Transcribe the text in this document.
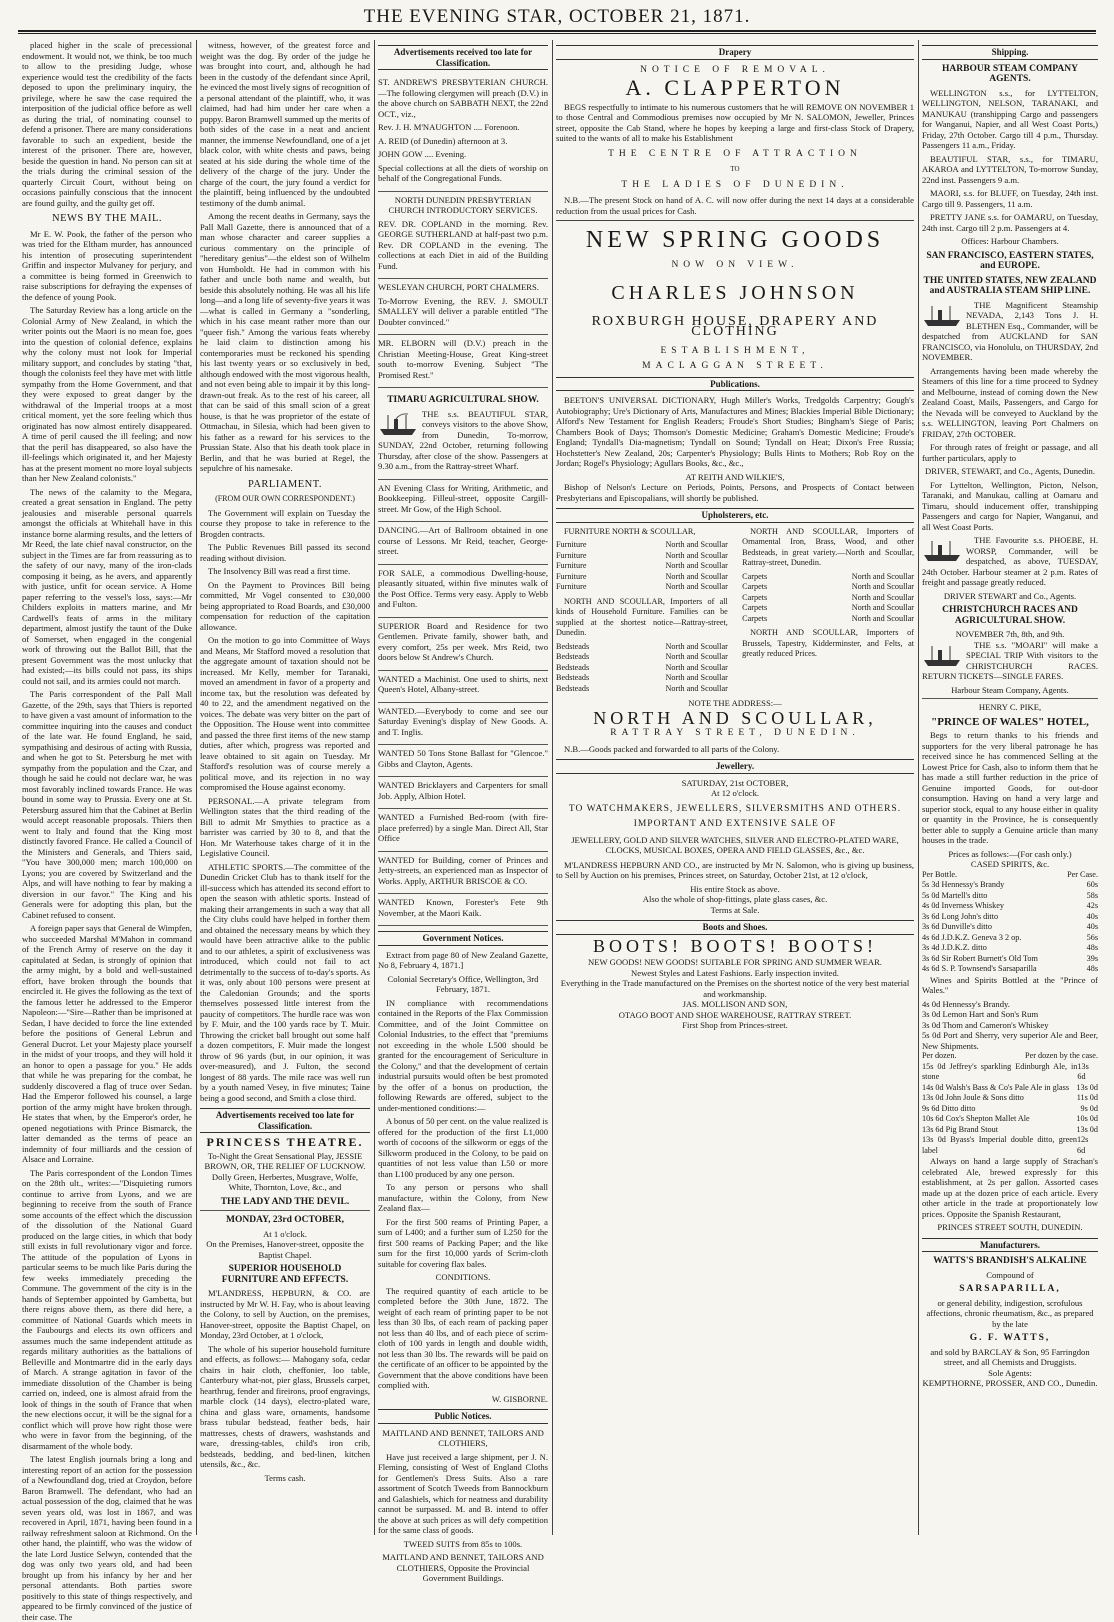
THE EVENING STAR, OCTOBER 21, 1871.

placed higher in the scale of precessional endowment. It would not, we think, be too much to allow to the presiding Judge, whose experience would test the credibility of the facts deposed to upon the preliminary inquiry, the privilege, where he saw the case required the interposition of the judicial office before as well as during the trial, of nominating counsel to defend a prisoner. There are many considerations favorable to such an expedient, beside the interest of the prisoner. There are, however, beside the question in hand. No person can sit at the trials during the criminal session of the quarterly Circuit Court, without being on occasions painfully conscious that the innocent are found guilty, and the guilty get off.

NEWS BY THE MAIL.

Mr E. W. Pook, the father of the person who was tried for the Eltham murder, has announced his intention of prosecuting superintendent Griffin and inspector Mulvaney for perjury, and a committee is being formed in Greenwich to raise subscriptions for defraying the expenses of the defence of young Pook.

The Saturday Review has a long article on the Colonial Army of New Zealand, in which the writer points out the Maori is no mean foe, goes into the question of colonial defence, explains why the colony must not look for Imperial military support, and concludes by stating "that, though the colonists feel they have met with little sympathy from the Home Government, and that they were exposed to great danger by the withdrawal of the Imperial troops at a most critical moment, yet the sore feeling which thus originated has now almost entirely disappeared. A time of peril caused the ill feeling; and now that the peril has disappeared, so also have the ill-feelings which originated it, and her Majesty has at the present moment no more loyal subjects than her New Zealand colonists."

The news of the calamity to the Megara, created a great sensation in England. The petty jealousies and miserable personal quarrels amongst the officials at Whitehall have in this instance borne alarming results, and the letters of Mr Reed, the late chief naval constructor, on the subject in the Times are far from reassuring as to the safety of our navy, many of the iron-clads composing it being, as he avers, and apparently with justice, unfit for ocean service. A Home paper referring to the vessel's loss, says:—Mr Childers exploits in matters marine, and Mr Cardwell's feats of arms in the military department, almost justify the taunt of the Duke of Somerset, when engaged in the congenial work of throwing out the Ballot Bill, that the present Government was the most unlucky that had existed;—its bills could not pass, its ships could not sail, and its armies could not march.

The Paris correspondent of the Pall Mall Gazette, of the 29th, says that Thiers is reported to have given a vast amount of information to the committee inquiring into the causes and conduct of the late war. He found England, he said, sympathising and desirous of acting with Russia, and when he got to St. Petersburg he met with sympathy from the population and the Czar, and though he said he could not declare war, he was most favorably inclined towards France. He was bound in some way to Prussia. Every one at St. Petersburg assured him that the Cabinet at Berlin would accept reasonable proposals. Thiers then went to Italy and found that the King most distinctly favored France. He called a Council of the Ministers and Generals, and Thiers said, "You have 300,000 men; march 100,000 on Lyons; you are covered by Switzerland and the Alps, and will have nothing to fear by making a diversion in our favor." The King and his Generals were for adopting this plan, but the Cabinet refused to consent.

A foreign paper says that General de Wimpfen, who succeeded Marshal M'Mahon in command of the French Army of reserve on the day it capitulated at Sedan, is strongly of opinion that the army might, by a bold and well-sustained effort, have broken through the bounds that encircled it. He gives the following as the text of the famous letter he addressed to the Emperor Napoleon:—"Sire—Rather than be imprisoned at Sedan, I have decided to force the line extended before the positions of General Lebrun and General Ducrot. Let your Majesty place yourself in the midst of your troops, and they will hold it an honor to open a passage for you." He adds that while he was preparing for the combat, he suddenly discovered a flag of truce over Sedan. Had the Emperor followed his counsel, a large portion of the army might have broken through. He states that when, by the Emperor's order, he opened negotiations with Prince Bismarck, the latter demanded as the terms of peace an indemnity of four milliards and the cession of Alsace and Lorraine.

The Paris correspondent of the London Times on the 28th ult., writes:—"Disquieting rumors continue to arrive from Lyons, and we are beginning to receive from the south of France some accounts of the effect which the discussion of the dissolution of the National Guard produced on the large cities, in which that body still exists in full revolutionary vigor and force. The attitude of the population of Lyons in particular seems to be much like Paris during the few weeks immediately preceding the Commune. The government of the city is in the hands of September appointed by Gambetta, but there reigns above them, as there did here, a committee of National Guards which meets in the Faubourgs and elects its own officers and assumes much the same independent attitude as regards military authorities as the battalions of Belleville and Montmartre did in the early days of March. A strange agitation in favor of the immediate dissolution of the Chamber is being carried on, indeed, one is almost afraid from the look of things in the south of France that when the new elections occur, it will be the signal for a conflict which will prove how right those were who were in favor from the beginning, of the disarmament of the whole body.

The latest English journals bring a long and interesting report of an action for the possession of a Newfoundland dog, tried at Croydon, before Baron Bramwell. The defendant, who had an actual possession of the dog, claimed that he was seven years old, was lost in 1867, and was recovered in April, 1871, having been found in a railway refreshment saloon at Richmond. On the other hand, the plaintiff, who was the widow of the late Lord Justice Selwyn, contended that the dog was only two years old, and had been brought up from his infancy by her and her personal attendants. Both parties swore positively to this state of things respectively, and appeared to be firmly convinced of the justice of their case. The

witness, however, of the greatest force and weight was the dog. By order of the judge he was brought into court, and, although he had been in the custody of the defendant since April, he evinced the most lively signs of recognition of a personal attendant of the plaintiff, who, it was claimed, had had him under her care when a puppy. Baron Bramwell summed up the merits of both sides of the case in a neat and ancient manner, the immense Newfoundland, one of a jet black color, with white chests and paws, being seated at his side during the whole time of the delivery of the charge of the jury. Under the charge of the court, the jury found a verdict for the plaintiff, being influenced by the undoubted testimony of the dumb animal.

Among the recent deaths in Germany, says the Pall Mall Gazette, there is announced that of a man whose character and career supplies a curious commentary on the principle of "hereditary genius"—the eldest son of Wilhelm von Humboldt. He had in common with his father and uncle both name and wealth, but beside this absolutely nothing. He was all his life long—and a long life of seventy-five years it was—what is called in Germany a "sonderling, which in his case meant rather more than our "queer fish." Among the various feats whereby he laid claim to distinction among his contemporaries must be reckoned his spending his last twenty years or so exclusively in bed, although endowed with the most vigorous health, and not even being able to impair it by this long-drawn-out freak. As to the rest of his career, all that can be said of this small scion of a great house, is that he was proprietor of the estate of Ottmachau, in Silesia, which had been given to his father as a reward for his services to the Prussian State. Also that his death took place in Berlin, and that he was buried at Regel, the sepulchre of his namesake.

PARLIAMENT.
(FROM OUR OWN CORRESPONDENT.)

The Government will explain on Tuesday the course they propose to take in reference to the Brogden contracts.

The Public Revenues Bill passed its second reading without division.

The Insolvency Bill was read a first time.

On the Payment to Provinces Bill being committed, Mr Vogel consented to £30,000 being appropriated to Road Boards, and £30,000 compensation for reduction of the capitation allowance.

On the motion to go into Committee of Ways and Means, Mr Stafford moved a resolution that the aggregate amount of taxation should not be increased. Mr Kelly, member for Taranaki, moved an amendment in favor of a property and income tax, but the resolution was defeated by 40 to 22, and the amendment negatived on the voices. The debate was very bitter on the part of the Opposition. The House went into committee and passed the three first items of the new stamp duties, after which, progress was reported and leave obtained to sit again on Tuesday. Mr Stafford's resolution was of course merely a political move, and its rejection in no way compromised the House against economy.

PERSONAL.—A private telegram from Wellington states that the third reading of the Bill to admit Mr Smythies to practice as a barrister was carried by 30 to 8, and that the Hon. Mr Waterhouse takes charge of it in the Legislative Council.

ATHLETIC SPORTS.—The committee of the Dunedin Cricket Club has to thank itself for the ill-success which has attended its second effort to open the season with athletic sports. Instead of making their arrangements in such a way that all the City clubs could have helped in forther them and obtained the necessary means by which they would have been attractive alike to the public and to our athletes, a spirit of exclusiveness was introduced, which could not fail to act detrimentally to the success of to-day's sports. As it was, only about 100 persons were present at the Caledonian Grounds; and the sports themselves possessed little interest from the paucity of competitors. The hurdle race was won by F. Muir, and the 100 yards race by T. Muir. Throwing the cricket ball brought out some half a dozen competitors, F. Muir made the longest throw of 96 yards (but, in our opinion, it was over-measured), and J. Fulton, the second longest of 88 yards. The mile race was well run by a youth named Vesey, in five minutes; Taine being a good second, and Smith a close third.

Advertisements received too late for Classification.
PRINCESS THEATRE.
To-Night the Great Sensational Play, JESSIE BROWN, OR, THE RELIEF OF LUCKNOW.
Dolly Green, Herbertes, Musgrave, Wolfe, White, Thornton, Love, &c., and
THE LADY AND THE DEVIL.
MONDAY, 23rd OCTOBER,
At 1 o'clock.
On the Premises, Hanover-street, opposite the Baptist Chapel.
SUPERIOR HOUSEHOLD FURNITURE AND EFFECTS.

M'LANDRESS, HEPBURN, & CO. are instructed by Mr W. H. Fay, who is about leaving the Colony, to sell by Auction, on the premises, Hanover-street, opposite the Baptist Chapel, on Monday, 23rd October, at 1 o'clock,

The whole of his superior household furniture and effects, as follows:— Mahogany sofa, cedar chairs in hair cloth, cheffonier, loo table, Canterbury what-not, pier glass, Brussels carpet, hearthrug, fender and fireirons, proof engravings, marble clock (14 days), electro-plated ware, china and glass ware, ornaments, handsome brass tubular bedstead, feather beds, hair mattresses, chests of drawers, washstands and ware, dressing-tables, child's iron crib, bedsteads, bedding, and bed-linen, kitchen utensils, &c., &c.

Terms cash.
Advertisements received too late for Classification.

ST. ANDREW'S PRESBYTERIAN CHURCH.—The following clergymen will preach (D.V.) in the above church on SABBATH NEXT, the 22nd OCT., viz.,

Rev. J. H. M'NAUGHTON .... Forenoon.

A. REID (of Dunedin) afternoon at 3.

JOHN GOW .... Evening.

Special collections at all the diets of worship on behalf of the Congregational Funds.

NORTH DUNEDIN PRESBYTERIAN CHURCH INTRODUCTORY SERVICES.

REV. DR. COPLAND in the morning. Rev. GEORGE SUTHERLAND at half-past two p.m. Rev. DR COPLAND in the evening. The collections at each Diet in aid of the Building Fund.

WESLEYAN CHURCH, PORT CHALMERS.

To-Morrow Evening, the REV. J. SMOULT SMALLEY will deliver a parable entitled "The Doubter convinced."

MR. ELBORN will (D.V.) preach in the Christian Meeting-House, Great King-street south to-morrow Evening. Subject "The Promised Rest."

TIMARU AGRICULTURAL SHOW.

THE s.s. BEAUTIFUL STAR, conveys visitors to the above Show, from Dunedin, To-morrow, SUNDAY, 22nd October, returning following Thursday, after close of the show. Passengers at 9.30 a.m., from the Rattray-street Wharf.

AN Evening Class for Writing, Arithmetic, and Bookkeeping. Filleul-street, opposite Cargill-street. Mr Gow, of the High School.

DANCING.—Art of Ballroom obtained in one course of Lessons. Mr Reid, teacher, George-street.

FOR SALE, a commodious Dwelling-house, pleasantly situated, within five minutes walk of the Post Office. Terms very easy. Apply to Webb and Fulton.

SUPERIOR Board and Residence for two Gentlemen. Private family, shower bath, and every comfort, 25s per week. Mrs Reid, two doors below St Andrew's Church.

WANTED a Machinist. One used to shirts, next Queen's Hotel, Albany-street.

WANTED.—Everybody to come and see our Saturday Evening's display of New Goods. A. and T. Inglis.

WANTED 50 Tons Stone Ballast for "Glencoe." Gibbs and Clayton, Agents.

WANTED Bricklayers and Carpenters for small Job. Apply, Albion Hotel.

WANTED a Furnished Bed-room (with fire-place preferred) by a single Man. Direct All, Star Office

WANTED for Building, corner of Princes and Jetty-streets, an experienced man as Inspector of Works. Apply, ARTHUR BRISCOE & CO.

WANTED Known, Forester's Fete 9th November, at the Maori Kaik.

Government Notices.

Extract from page 80 of New Zealand Gazette, No 8, February 4, 1871.]

Colonial Secretary's Office, Wellington, 3rd February, 1871.

IN compliance with recommendations contained in the Reports of the Flax Commission Committee, and of the Joint Committee on Colonial Industries, to the effect that "premiums not exceeding in the whole L500 should be granted for the encouragement of Sericulture in the Colony," and that the development of certain industrial pursuits would often be best promoted by the offer of a bonus on production, the following Rewards are offered, subject to the under-mentioned conditions:—

A bonus of 50 per cent. on the value realized is offered for the production of the first L1,000 worth of cocoons of the silkworm or eggs of the Silkworm produced in the Colony, to be paid on quantities of not less value than L50 or more than L100 produced by any one person.

To any person or persons who shall manufacture, within the Colony, from New Zealand flax—

For the first 500 reams of Printing Paper, a sum of L400; and a further sum of L250 for the first 500 reams of Packing Paper; and the like sum for the first 10,000 yards of Scrim-cloth suitable for covering flax bales.

CONDITIONS.

The required quantity of each article to be completed before the 30th June, 1872. The weight of each ream of printing paper to be not less than 30 lbs, of each ream of packing paper not less than 40 lbs, and of each piece of scrim-cloth of 100 yards in length and double width, not less than 30 lbs. The rewards will be paid on the certificate of an officer to be appointed by the Government that the above conditions have been complied with.

W. GISBORNE.
Public Notices.

MAITLAND AND BENNET, TAILORS AND CLOTHIERS,

Have just received a large shipment, per J. N. Fleming, consisting of West of England Cloths for Gentlemen's Dress Suits. Also a rare assortment of Scotch Tweeds from Bannockburn and Galashiels, which for neatness and durability cannot be surpassed. M. and B. intend to offer the above at such prices as will defy competition for the same class of goods.

TWEED SUITS from 85s to 100s.

MAITLAND AND BENNET, TAILORS AND CLOTHIERS, Opposite the Provincial Government Buildings.

Drapery
NOTICE OF REMOVAL.
A. CLAPPERTON

BEGS respectfully to intimate to his numerous customers that he will REMOVE ON NOVEMBER 1 to those Central and Commodious premises now occupied by Mr N. SALOMON, Jeweller, Princes street, opposite the Cab Stand, where he hopes by keeping a large and first-class Stock of Drapery, suited to the wants of all to make his Establishment

THE CENTRE OF ATTRACTION
TO
THE LADIES OF DUNEDIN.

N.B.—The present Stock on hand of A. C. will now offer during the next 14 days at a considerable reduction from the usual prices for Cash.

NEW SPRING GOODS
NOW ON VIEW.
CHARLES JOHNSON
ROXBURGH HOUSE, DRAPERY AND CLOTHING
ESTABLISHMENT,
MACLAGGAN STREET.
Publications.

BEETON'S UNIVERSAL DICTIONARY, Hugh Miller's Works, Tredgolds Carpentry; Gough's Autobiography; Ure's Dictionary of Arts, Manufactures and Mines; Blackies Imperial Bible Dictionary; Alford's New Testament for English Readers; Froude's Short Studies; Bingham's Siege of Paris; Chambers Book of Days; Thomson's Domestic Medicine; Graham's Domestic Medicine; Froude's England; Tyndall's Dia-magnetism; Tyndall on Sound; Tyndall on Heat; Dixon's Free Russia; Hochstetter's New Zealand, 20s; Carpenter's Physiology; Bulls Hints to Mothers; Rob Roy on the Jordan; Rogel's Physiology; Agullars Books, &c., &c.,

AT REITH AND WILKIE'S,

Bishop of Nelson's Lecture on Periods, Points, Persons, and Prospects of Contact between Presbyterians and Episcopalians, will shortly be published.

Upholsterers, etc.

FURNITURE NORTH & SCOULLAR,

Furniture	North and Scoullar
Furniture	North and Scoullar
Furniture	North and Scoullar
Furniture	North and Scoullar
Furniture	North and Scoullar

NORTH AND SCOULLAR, Importers of all kinds of Household Furniture. Families can be supplied at the shortest notice—Rattray-street, Dunedin.

Bedsteads	North and Scoullar
Bedsteads	North and Scoullar
Bedsteads	North and Scoullar
Bedsteads	North and Scoullar
Bedsteads	North and Scoullar

NORTH AND SCOULLAR, Importers of Ornamental Iron, Brass, Wood, and other Bedsteads, in great variety.—North and Scoullar, Rattray-street, Dunedin.

Carpets	North and Scoullar
Carpets	North and Scoullar
Carpets	North and Scoullar
Carpets	North and Scoullar
Carpets	North and Scoullar

NORTH AND SCOULLAR, Importers of Brussels, Tapestry, Kidderminster, and Felts, at greatly reduced Prices.

NOTE THE ADDRESS:—
NORTH AND SCOULLAR,
RATTRAY STREET, DUNEDIN.

N.B.—Goods packed and forwarded to all parts of the Colony.

Jewellery.
SATURDAY, 21st OCTOBER,
At 12 o'clock.
TO WATCHMAKERS, JEWELLERS, SILVERSMITHS AND OTHERS.
IMPORTANT AND EXTENSIVE SALE OF
JEWELLERY, GOLD AND SILVER WATCHES, SILVER AND ELECTRO-PLATED WARE, CLOCKS, MUSICAL BOXES, OPERA AND FIELD GLASSES, &c., &c.

M'LANDRESS HEPBURN AND CO., are instructed by Mr N. Salomon, who is giving up business, to Sell by Auction on his premises, Princes street, on Saturday, October 21st, at 12 o'clock,

His entire Stock as above.
Also the whole of shop-fittings, plate glass cases, &c.
Terms at Sale.
Boots and Shoes.
BOOTS! BOOTS! BOOTS!
NEW GOODS! NEW GOODS! SUITABLE FOR SPRING AND SUMMER WEAR.
Newest Styles and Latest Fashions. Early inspection invited.
Everything in the Trade manufactured on the Premises on the shortest notice of the very best material and workmanship.
JAS. MOLLISON AND SON,
OTAGO BOOT AND SHOE WAREHOUSE, RATTRAY STREET.
First Shop from Princes-street.
Shipping.
HARBOUR STEAM COMPANY AGENTS.

WELLINGTON s.s., for LYTTELTON, WELLINGTON, NELSON, TARANAKI, and MANUKAU (transhipping Cargo and passengers for Wanganui, Napier, and all West Coast Ports,) Friday, 27th October. Cargo till 4 p.m., Thursday. Passengers 11 a.m., Friday.

BEAUTIFUL STAR, s.s., for TIMARU, AKAROA and LYTTELTON, To-morrow Sunday, 22nd inst. Passengers 9 a.m.

MAORI, s.s. for BLUFF, on Tuesday, 24th inst. Cargo till 9. Passengers, 11 a.m.

PRETTY JANE s.s. for OAMARU, on Tuesday, 24th inst. Cargo till 2 p.m. Passengers at 4.

Offices: Harbour Chambers.
SAN FRANCISCO, EASTERN STATES, and EUROPE.
THE UNITED STATES, NEW ZEALAND and AUSTRALIA STEAM SHIP LINE.

THE Magnificent Steamship NEVADA, 2,143 Tons J. H. BLETHEN Esq., Commander, will be despatched from AUCKLAND for SAN FRANCISCO, via Honolulu, on THURSDAY, 2nd NOVEMBER.

Arrangements having been made whereby the Steamers of this line for a time proceed to Sydney and Melbourne, instead of coming down the New Zealand Coast, Mails, Passengers, and Cargo for the Nevada will be conveyed to Auckland by the s.s. WELLINGTON, leaving Port Chalmers on FRIDAY, 27th OCTOBER.

For through rates of freight or passage, and all further particulars, apply to

DRIVER, STEWART, and Co., Agents, Dunedin.

For Lyttelton, Wellington, Picton, Nelson, Taranaki, and Manukau, calling at Oamaru and Timaru, should inducement offer, transhipping Passengers and cargo for Napier, Wanganui, and all West Coast Ports.

THE Favourite s.s. PHOEBE, H. WORSP, Commander, will be despatched, as above, TUESDAY, 24th October. Harbour steamer at 2 p.m. Rates of freight and passage greatly reduced.

DRIVER STEWART and Co., Agents.
CHRISTCHURCH RACES AND AGRICULTURAL SHOW.
NOVEMBER 7th, 8th, and 9th.

THE s.s. "MOARI" will make a SPECIAL TRIP With visitors to the CHRISTCHURCH RACES. RETURN TICKETS—SINGLE FARES.

Harbour Steam Company, Agents.
HENRY C. PIKE,
"PRINCE OF WALES" HOTEL,

Begs to return thanks to his friends and supporters for the very liberal patronage he has received since he has commenced Selling at the Lowest Price for Cash, also to inform them that he has made a still further reduction in the price of Genuine imported Goods, for out-door consumption. Having on hand a very large and superior stock, equal to any house either in quality or quantity in the Province, he is consequently better able to supply a Genuine article than many houses in the trade.

Prices as follows:—(For cash only.)
CASED SPIRITS, &c.
Per Bottle.	Per Case.
5s 3d Hennessy's Brandy	60s
5s 0d Martell's ditto	58s
4s 0d Inverness Whiskey	42s
3s 6d Long John's ditto	40s
3s 6d Dunville's ditto	40s
4s 6d J.D.K.Z. Geneva 3 2 op.	56s
3s 4d J.D.K.Z. ditto	48s
3s 6d Sir Robert Burnett's Old Tom	39s
4s 6d S. P. Townsend's Sarsaparilla	48s

Wines and Spirits Bottled at the "Prince of Wales."

4s 0d Hennessy's Brandy.
3s 0d Lemon Hart and Son's Rum
3s 0d Thom and Cameron's Whiskey
5s 0d Port and Sherry, very superior Ale and Beer, New Shipments.
Per dozen.	Per dozen by the case.
15s 0d Jeffrey's sparkling Edinburgh Ale, in stone
13s 6d
14s 0d Walsh's Bass & Co's Pale Ale in glass 13s 0d
13s 0d John Joule & Sons ditto	11s 0d
9s 6d Ditto ditto	9s 0d
10s 6d Cox's Shepton Mallet Ale	10s 0d
13s 6d Pig Brand Stout	13s 0d
13s 0d Byass's Imperial double ditto, green label
12s 6d

Always on hand a large supply of Strachan's celebrated Ale, brewed expressly for this establishment, at 2s per gallon. Assorted cases made up at the dozen price of each article. Every other article in the trade at proportionately low prices. Opposite the Spanish Restaurant,

PRINCES STREET SOUTH, DUNEDIN.
Manufacturers.
WATTS'S BRANDISH'S ALKALINE
Compound of
SARSAPARILLA,
or general debility, indigestion, scrofulous affections, chronic rheumatism, &c., as prepared by the late
G. F. WATTS,
and sold by BARCLAY & Son, 95 Farringdon street, and all Chemists and Druggists.
Sole Agents:
KEMPTHORNE, PROSSER, AND CO., Dunedin.
